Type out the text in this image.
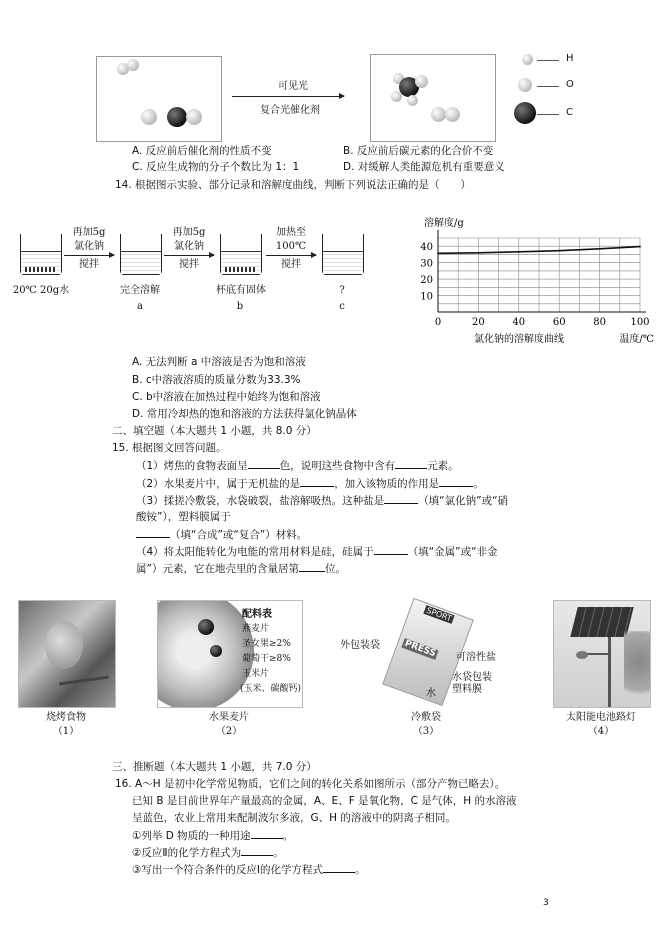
可见光
复合光催化剂
H
O
C
A. 反应前后催化剂的性质不变	B. 反应前后碳元素的化合价不变
C. 反应生成物的分子个数比为 1：1	D. 对缓解人类能源危机有重要意义
14. 根据图示实验、部分记录和溶解度曲线，判断下列说法正确的是（　　）
再加5g
氯化钠
搅拌
再加5g
氯化钠
搅拌
加热至
100℃
搅拌
20℃ 20g水	完全溶解	杯底有固体	?
a	b	c
0	20	40	60	80 100
10
20
30
40
溶解度/g
温度/℃
氯化钠的溶解度曲线
A. 无法判断 a 中溶液是否为饱和溶液
B. c中溶液溶质的质量分数为33.3%
C. b中溶液在加热过程中始终为饱和溶液
D. 常用冷却热的饱和溶液的方法获得氯化钠晶体
二、填空题（本大题共 1 小题，共 8.0 分）
15. 根据图文回答问题。
（1）烤焦的食物表面呈	色，说明这些食物中含有	元素。
（2）水果麦片中，属于无机盐的是	，加入该物质的作用是	。
（3）揉搓冷敷袋，水袋破裂，盐溶解吸热。这种盐是	（填“氯化钠”或“硝
酸铵”），塑料膜属于
（填“合成”或“复合”）材料。
（4）将太阳能转化为电能的常用材料是硅，硅属于	（填“金属”或“非金
属”）元素，它在地壳里的含量居第 位。
烧烤食物
（1）
配料表
燕麦片
圣女果≥2%
葡萄干≥8%
玉米片
(玉米、碳酸钙)
水果麦片
（2）
SPORT
PRESS
外包装袋
可溶性盐
水袋包装
塑料膜
水
冷敷袋
（3）
太阳能电池路灯
（4）
三、推断题（本大题共 1 小题，共 7.0 分）
16. A～H 是初中化学常见物质，它们之间的转化关系如图所示（部分产物已略去）。
已知 B 是目前世界年产量最高的金属，A、E、F 是氧化物，C 是气体，H 的水溶液
呈蓝色，农业上常用来配制波尔多液，G、H 的溶液中的阴离子相同。
①列举 D 物质的一种用途	。
②反应Ⅱ的化学方程式为	。
③写出一个符合条件的反应Ⅰ的化学方程式	。
3
